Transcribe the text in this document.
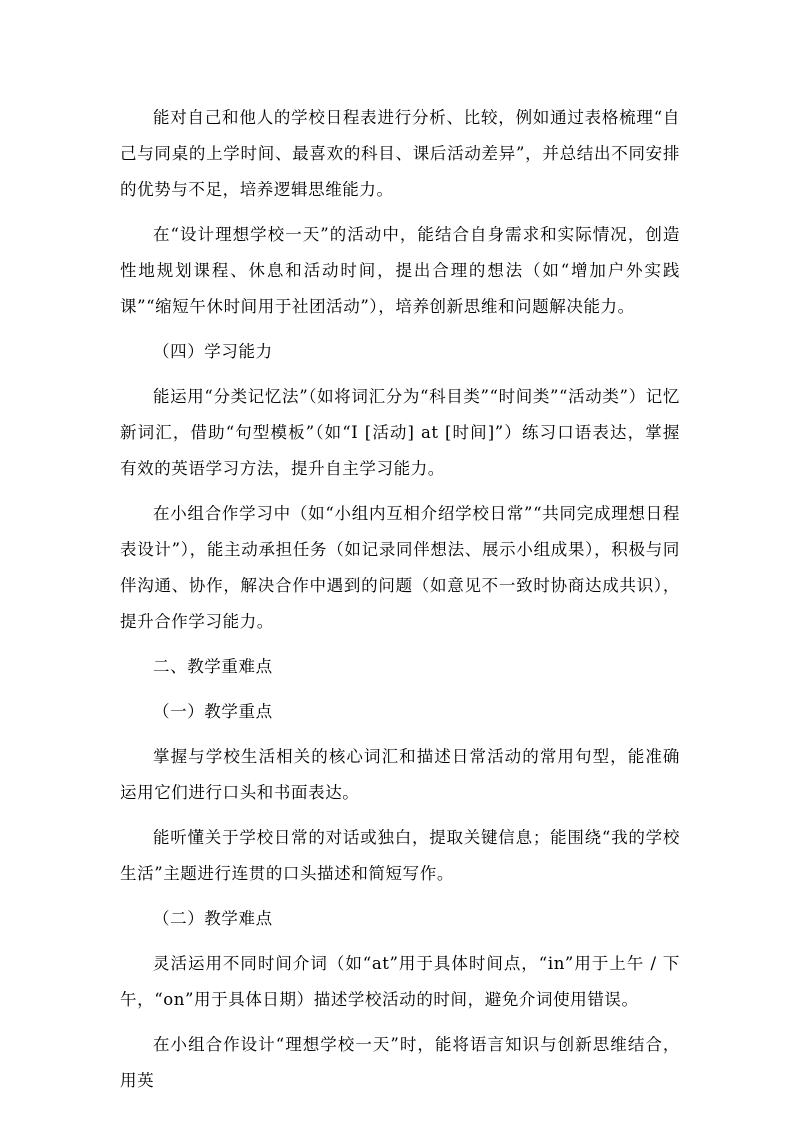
能对自己和他人的学校日程表进行分析、比较，例如通过表格梳理“自己与同桌的上学时间、最喜欢的科目、课后活动差异”，并总结出不同安排的优势与不足，培养逻辑思维能力。

在“设计理想学校一天”的活动中，能结合自身需求和实际情况，创造性地规划课程、休息和活动时间，提出合理的想法（如“增加户外实践课”“缩短午休时间用于社团活动”），培养创新思维和问题解决能力。

（四）学习能力

能运用“分类记忆法”（如将词汇分为“科目类”“时间类”“活动类”）记忆新词汇，借助“句型模板”（如“I [活动] at [时间]”）练习口语表达，掌握有效的英语学习方法，提升自主学习能力。

在小组合作学习中（如“小组内互相介绍学校日常”“共同完成理想日程表设计”），能主动承担任务（如记录同伴想法、展示小组成果），积极与同伴沟通、协作，解决合作中遇到的问题（如意见不一致时协商达成共识），提升合作学习能力。

二、教学重难点

（一）教学重点

掌握与学校生活相关的核心词汇和描述日常活动的常用句型，能准确运用它们进行口头和书面表达。

能听懂关于学校日常的对话或独白，提取关键信息；能围绕“我的学校生活”主题进行连贯的口头描述和简短写作。

（二）教学难点

灵活运用不同时间介词（如“at”用于具体时间点，“in”用于上午 / 下午，“on”用于具体日期）描述学校活动的时间，避免介词使用错误。

在小组合作设计“理想学校一天”时，能将语言知识与创新思维结合，用英
